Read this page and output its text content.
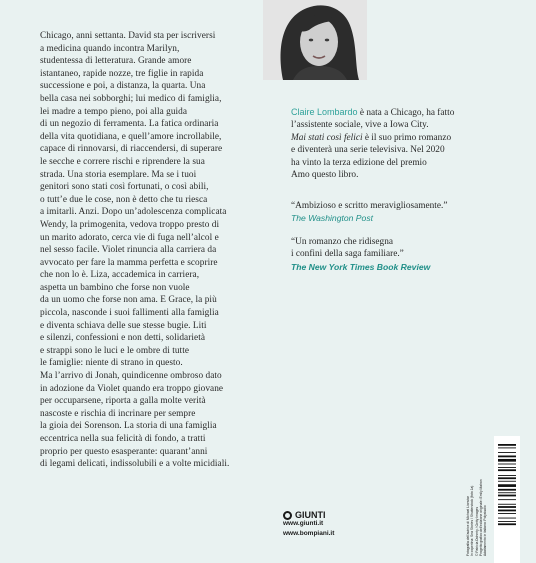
Chicago, anni settanta. David sta per iscriversi
a medicina quando incontra Marilyn,
studentessa di letteratura. Grande amore
istantaneo, rapide nozze, tre figlie in rapida
successione e poi, a distanza, la quarta. Una
bella casa nei sobborghi; lui medico di famiglia,
lei madre a tempo pieno, poi alla guida
di un negozio di ferramenta. La fatica ordinaria
della vita quotidiana, e quell’amore incrollabile,
capace di rinnovarsi, di riaccendersi, di superare
le secche e correre rischi e riprendere la sua
strada. Una storia esemplare. Ma se i tuoi
genitori sono stati così fortunati, o così abili,
o tutt’e due le cose, non è detto che tu riesca
a imitarli. Anzi. Dopo un’adolescenza complicata
Wendy, la primogenita, vedova troppo presto di
un marito adorato, cerca vie di fuga nell’alcol e
nel sesso facile. Violet rinuncia alla carriera da
avvocato per fare la mamma perfetta e scoprire
che non lo è. Liza, accademica in carriera,
aspetta un bambino che forse non vuole
da un uomo che forse non ama. E Grace, la più
piccola, nasconde i suoi fallimenti alla famiglia
e diventa schiava delle sue stesse bugie. Liti
e silenzi, confessioni e non detti, solidarietà
e strappi sono le luci e le ombre di tutte
le famiglie: niente di strano in questo.
Ma l’arrivo di Jonah, quindicenne ombroso dato
in adozione da Violet quando era troppo giovane
per occuparsene, riporta a galla molte verità
nascoste e rischia di incrinare per sempre
la gioia dei Sorenson. La storia di una famiglia
eccentrica nella sua felicità di fondo, a tratti
proprio per questo esasperante: quarant’anni
di legami delicati, indissolubili e a volte micidiali.
Claire Lombardo è nata a Chicago, ha fatto
l’assistente sociale, vive a Iowa City.
Mai stati così felici è il suo primo romanzo
e diventerà una serie televisiva. Nel 2020
ha vinto la terza edizione del premio
Amo questo libro.
“Ambizioso e scritto meravigliosamente.”
The Washington Post
“Un romanzo che ridisegna
i confini della saga familiare.”
The New York Times Book Review
GIUNTI
www.giunti.it
www.bompiani.it	Fotografia dell’autrice di Michael Lionstar In copertina: Sea Stories / Shutterstock (foto 1a) © Patricia Doherty / Getty Images Progetto grafico dell’edizione originale: Emily Mahon Adattamento in italiano: Polystudio
